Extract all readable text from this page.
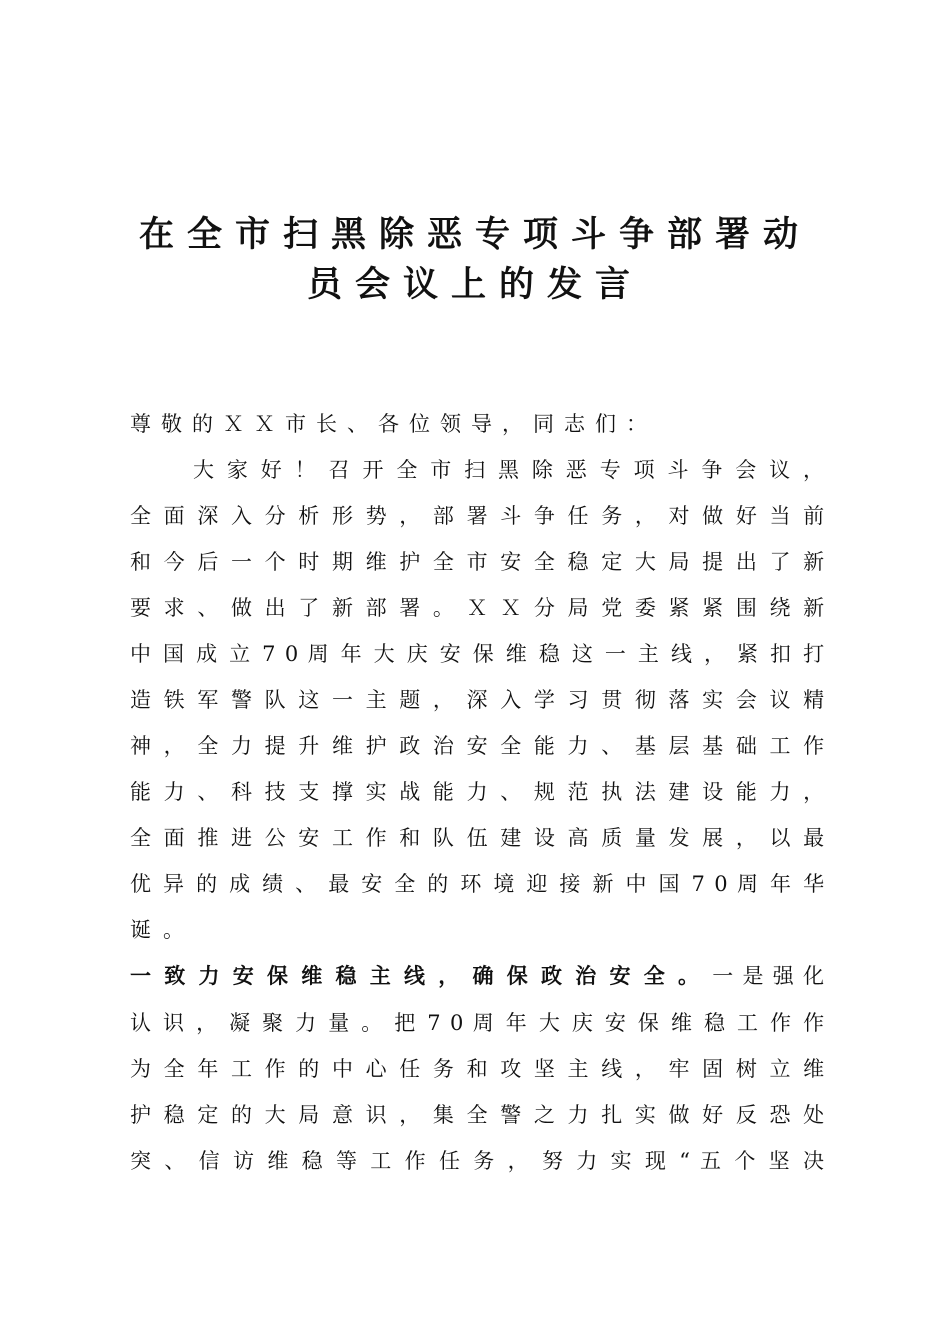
在全市扫黑除恶专项斗争部署动
员会议上的发言
尊敬的ＸＸ市长、各位领导，同志们：
大 家 好 ！ 召 开 全 市 扫 黑 除 恶 专 项 斗 争 会 议 ，
全 面 深 入 分 析 形 势 ， 部 署 斗 争 任 务 ， 对 做 好 当 前
和 今 后 一 个 时 期 维 护 全 市 安 全 稳 定 大 局 提 出 了 新
要 求 、 做 出 了 新 部 署 。 Ｘ Ｘ 分 局 党 委 紧 紧 围 绕 新
中 国 成 立 7 0 周 年 大 庆 安 保 维 稳 这 一 主 线 ， 紧 扣 打
造 铁 军 警 队 这 一 主 题 ， 深 入 学 习 贯 彻 落 实 会 议 精
神 ， 全 力 提 升 维 护 政 治 安 全 能 力 、 基 层 基 础 工 作
能 力 、 科 技 支 撑 实 战 能 力 、 规 范 执 法 建 设 能 力 ，
全 面 推 进 公 安 工 作 和 队 伍 建 设 高 质 量 发 展 ， 以 最
优 异 的 成 绩 、 最 安 全 的 环 境 迎 接 新 中 国 7 0 周 年 华
诞。
一致力安保维稳主线，确保政治安全。一是强化
认 识 ， 凝 聚 力 量 。 把 7 0 周 年 大 庆 安 保 维 稳 工 作 作
为 全 年 工 作 的 中 心 任 务 和 攻 坚 主 线 ， 牢 固 树 立 维
护 稳 定 的 大 局 意 识 ， 集 全 警 之 力 扎 实 做 好 反 恐 处
突 、 信 访 维 稳 等 工 作 任 务 ， 努 力 实 现 “ 五 个 坚 决
